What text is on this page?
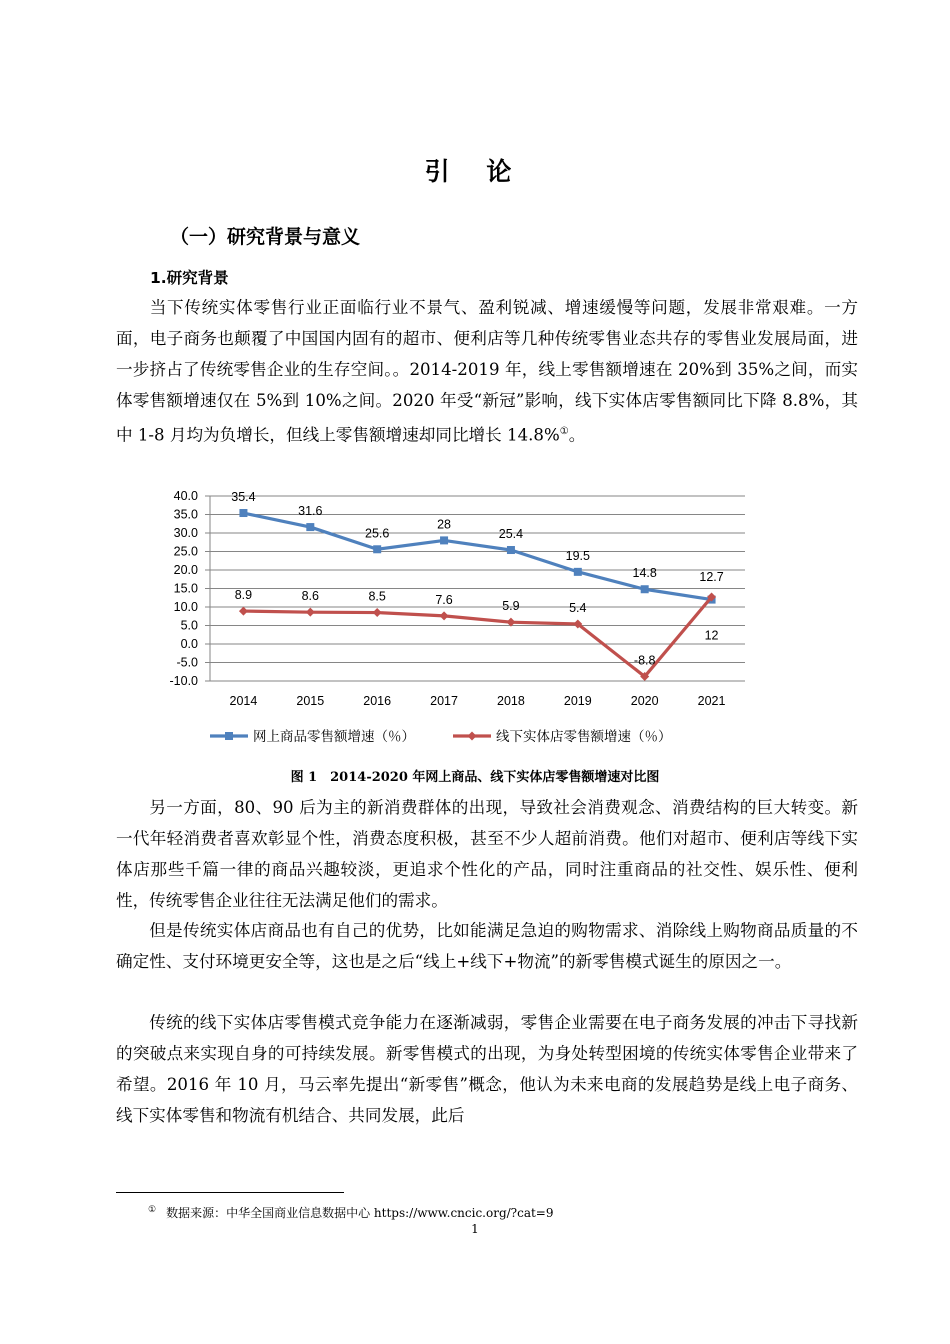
引 论
（一）研究背景与意义
1.研究背景

当下传统实体零售行业正面临行业不景气、盈利锐减、增速缓慢等问题，发展非常艰难。一方面，电子商务也颠覆了中国国内固有的超市、便利店等几种传统零售业态共存的零售业发展局面，进一步挤占了传统零售企业的生存空间。。2014-2019 年，线上零售额增速在 20%到 35%之间，而实体零售额增速仅在 5%到 10%之间。2020 年受“新冠”影响，线下实体店零售额同比下降 8.8%，其中 1-8 月均为负增长，但线上零售额增速却同比增长 14.8%①。

40.0
35.0
30.0
25.0
20.0
15.0
10.0
5.0
0.0
-5.0
-10.0
2014	2015	2016	2017	2018	2019	2020	2021
35.4
31.6
25.6
28
25.4
19.5
14.8
12
8.9	8.6	8.5	7.6	5.9	5.4
-8.8
12.7
网上商品零售额增速（％）	线下实体店零售额增速（％）
图 1　2014-2020 年网上商品、线下实体店零售额增速对比图

另一方面，80、90 后为主的新消费群体的出现，导致社会消费观念、消费结构的巨大转变。新一代年轻消费者喜欢彰显个性，消费态度积极，甚至不少人超前消费。他们对超市、便利店等线下实体店那些千篇一律的商品兴趣较淡，更追求个性化的产品，同时注重商品的社交性、娱乐性、便利性，传统零售企业往往无法满足他们的需求。

但是传统实体店商品也有自己的优势，比如能满足急迫的购物需求、消除线上购物商品质量的不确定性、支付环境更安全等，这也是之后“线上+线下+物流”的新零售模式诞生的原因之一。

传统的线下实体店零售模式竞争能力在逐渐减弱，零售企业需要在电子商务发展的冲击下寻找新的突破点来实现自身的可持续发展。新零售模式的出现，为身处转型困境的传统实体零售企业带来了希望。2016 年 10 月，马云率先提出“新零售”概念，他认为未来电商的发展趋势是线上电子商务、线下实体零售和物流有机结合、共同发展，此后

① 数据来源：中华全国商业信息数据中心 https://www.cncic.org/?cat=9
1
